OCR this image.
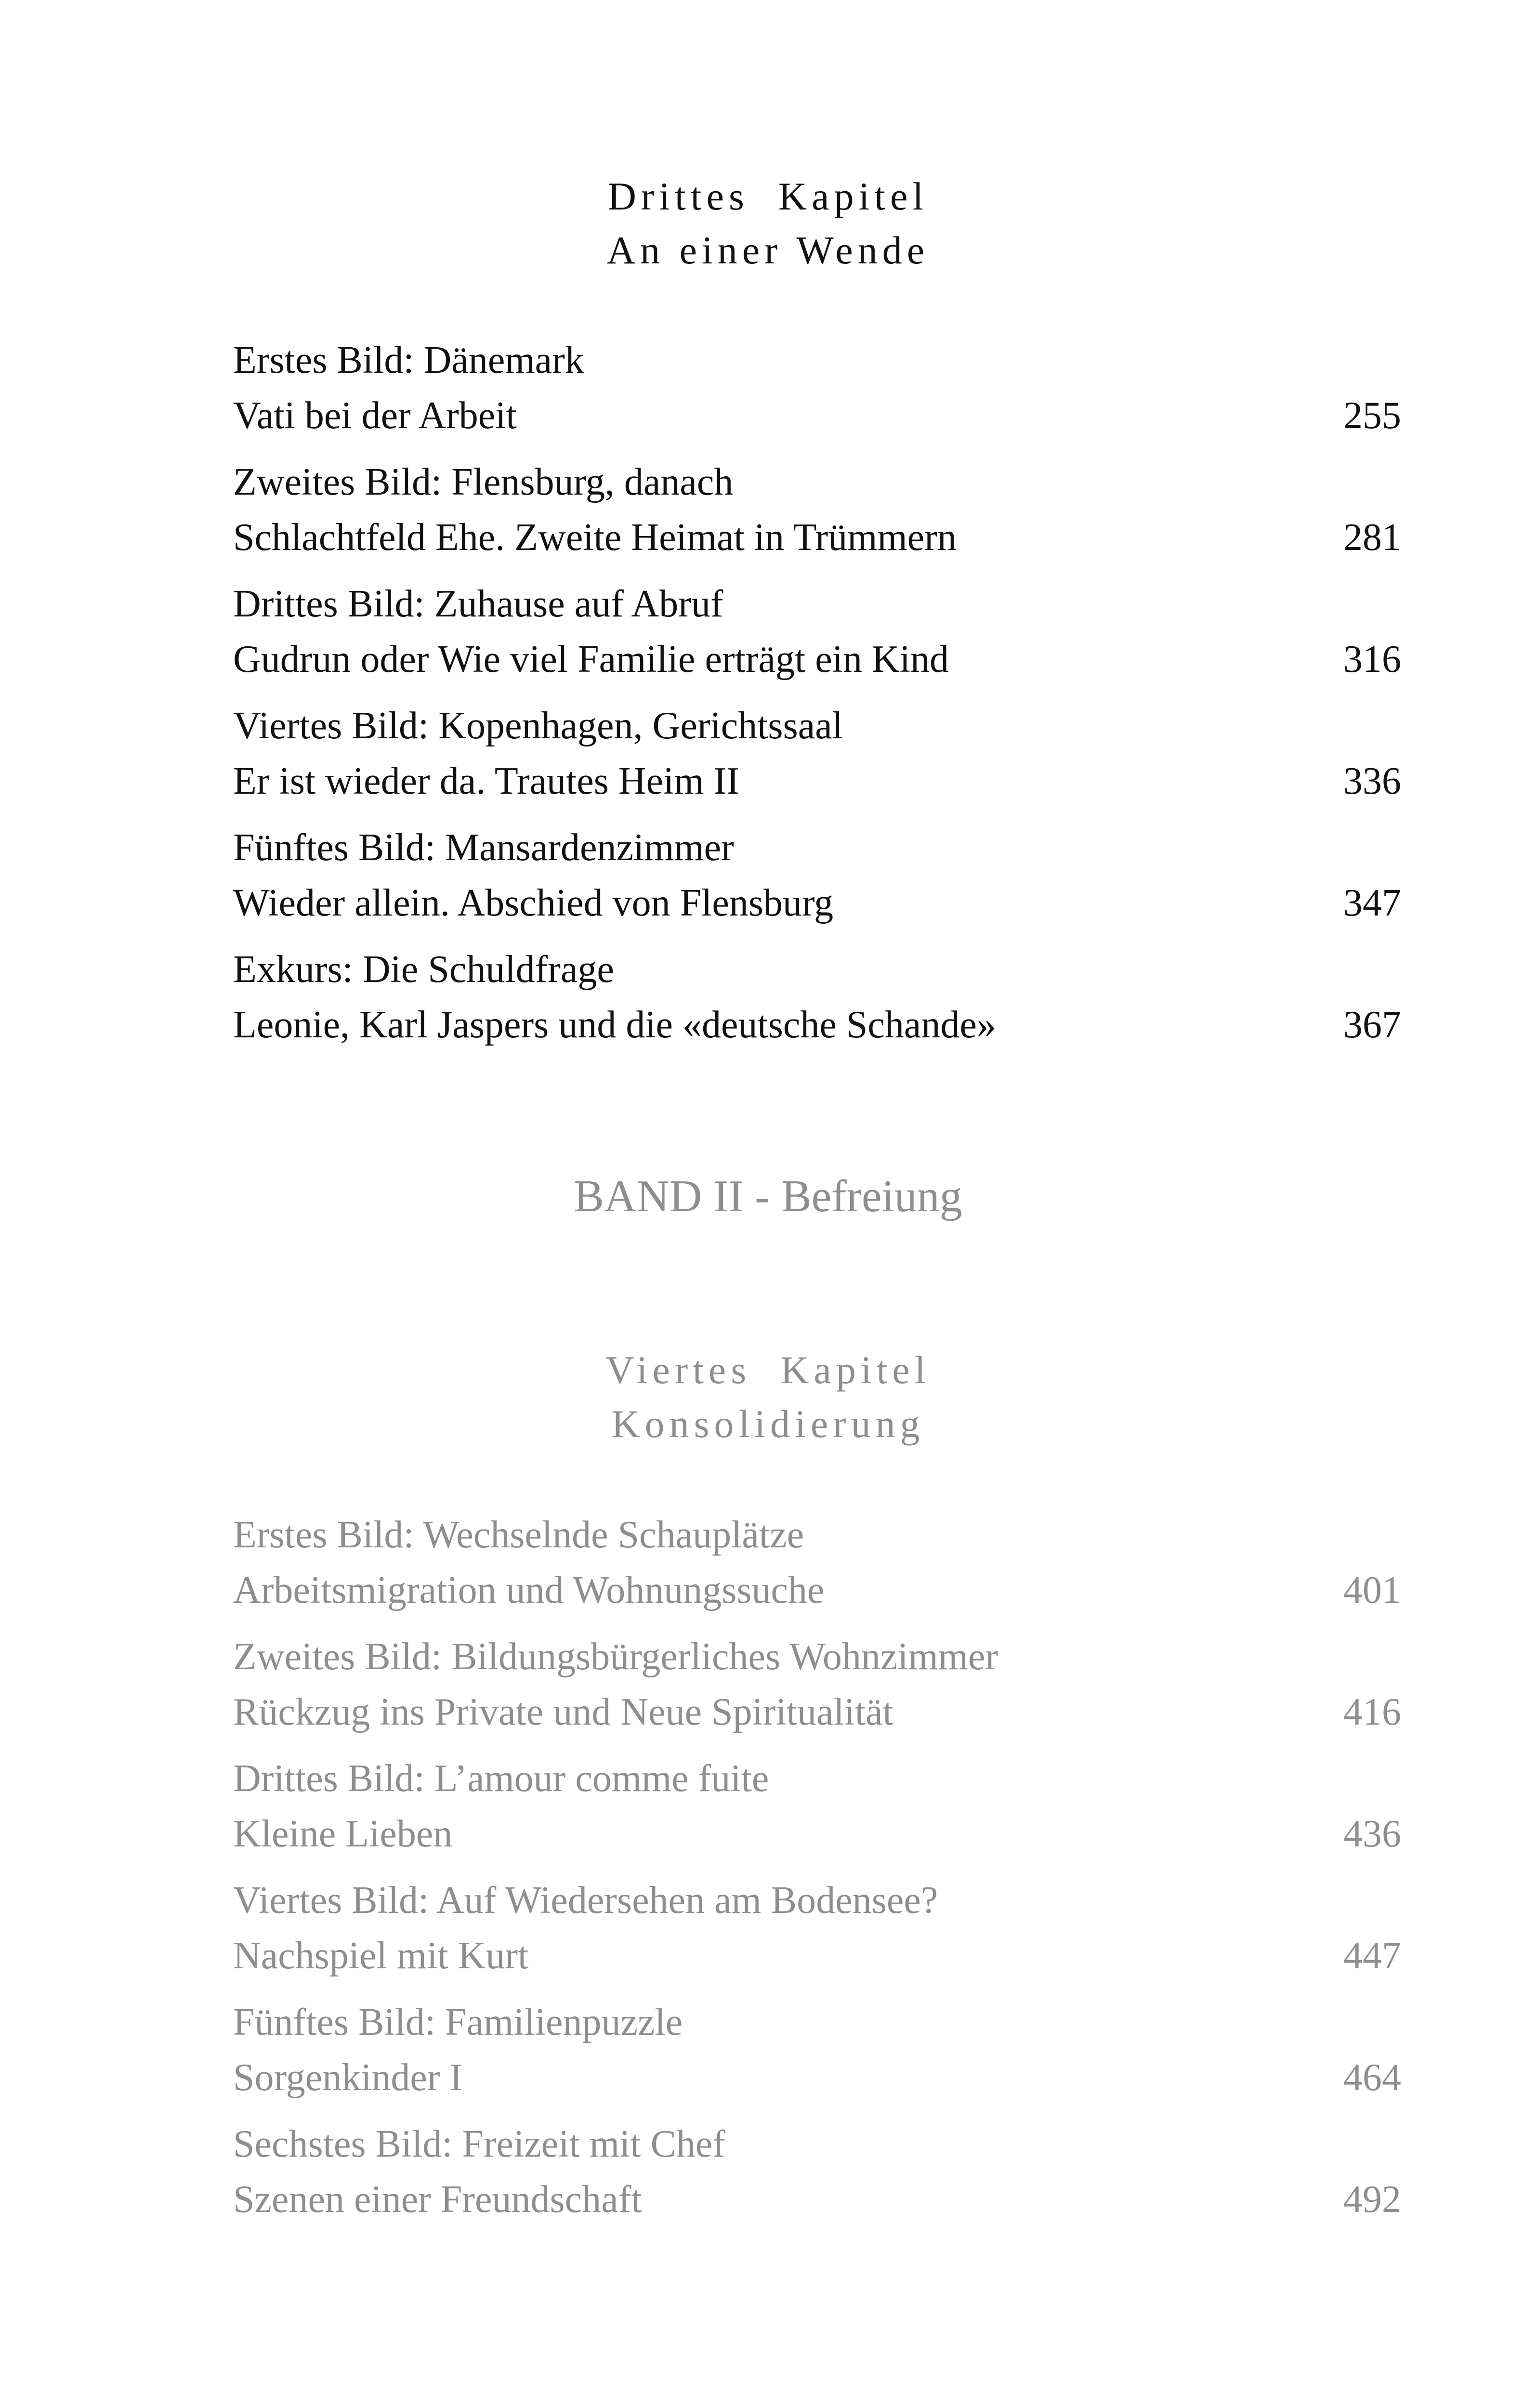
Drittes  Kapitel
An einer Wende
Erstes Bild: Dänemark
Vati bei der Arbeit	255
Zweites Bild: Flensburg, danach
Schlachtfeld Ehe. Zweite Heimat in Trümmern	281
Drittes Bild: Zuhause auf Abruf
Gudrun oder Wie viel Familie erträgt ein Kind	316
Viertes Bild: Kopenhagen, Gerichtssaal
Er ist wieder da. Trautes Heim II	336
Fünftes Bild: Mansardenzimmer
Wieder allein. Abschied von Flensburg	347
Exkurs: Die Schuldfrage
Leonie, Karl Jaspers und die «deutsche Schande»	367
BAND II - Befreiung
Viertes  Kapitel
Konsolidierung
Erstes Bild: Wechselnde Schauplätze
Arbeitsmigration und Wohnungssuche	401
Zweites Bild: Bildungsbürgerliches Wohnzimmer
Rückzug ins Private und Neue Spiritualität	416
Drittes Bild: L’amour comme fuite
Kleine Lieben	436
Viertes Bild: Auf Wiedersehen am Bodensee?
Nachspiel mit Kurt	447
Fünftes Bild: Familienpuzzle
Sorgenkinder I	464
Sechstes Bild: Freizeit mit Chef
Szenen einer Freundschaft	492
